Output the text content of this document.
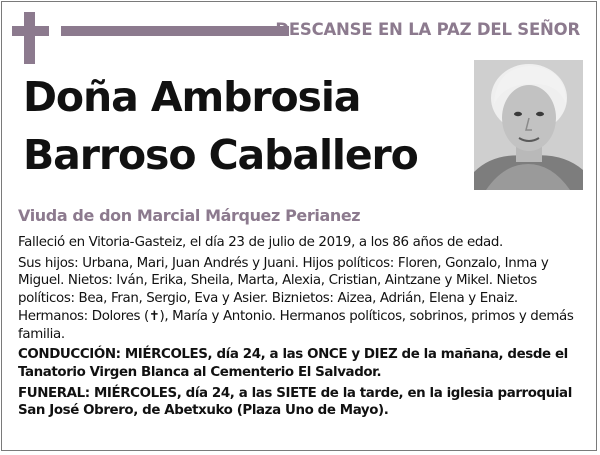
DESCANSE EN LA PAZ DEL SEÑOR
Doña Ambrosia
Barroso Caballero
Viuda de don Marcial Márquez Perianez

Falleció en Vitoria-Gasteiz, el día 23 de julio de 2019, a los 86 años de edad.

Sus hijos: Urbana, Mari, Juan Andrés y Juani. Hijos políticos: Floren, Gonzalo, Inma y Miguel. Nietos: Iván, Erika, Sheila, Marta, Alexia, Cristian, Aintzane y Mikel. Nietos políticos: Bea, Fran, Sergio, Eva y Asier. Biznietos: Aizea, Adrián, Elena y Enaiz. Hermanos: Dolores (✝), María y Antonio. Hermanos políticos, sobrinos, primos y demás familia.

CONDUCCIÓN: MIÉRCOLES, día 24, a las ONCE y DIEZ de la mañana, desde el Tanatorio Virgen Blanca al Cementerio El Salvador.

FUNERAL: MIÉRCOLES, día 24, a las SIETE de la tarde, en la iglesia parroquial San José Obrero, de Abetxuko (Plaza Uno de Mayo).
